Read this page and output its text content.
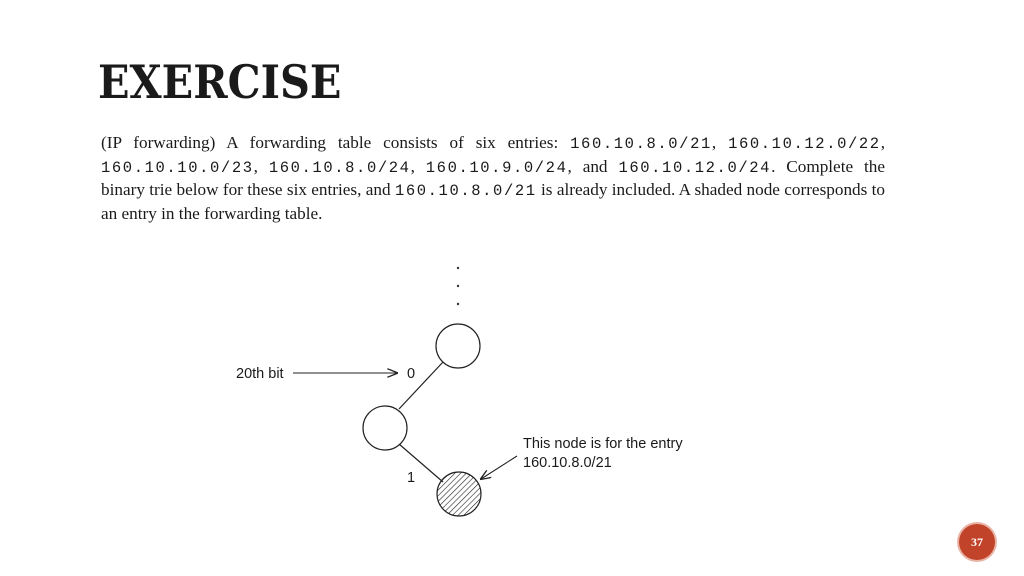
EXERCISE
(IP forwarding) A forwarding table consists of six entries: 160.10.8.0/21, 160.10.12.0/22, 160.10.10.0/23, 160.10.8.0/24, 160.10.9.0/24, and 160.10.12.0/24. Complete the binary trie below for these six entries, and 160.10.8.0/21 is already included. A shaded node corresponds to an entry in the forwarding table.
20th bit	0
1
This node is for the entry
160.10.8.0/21
37
